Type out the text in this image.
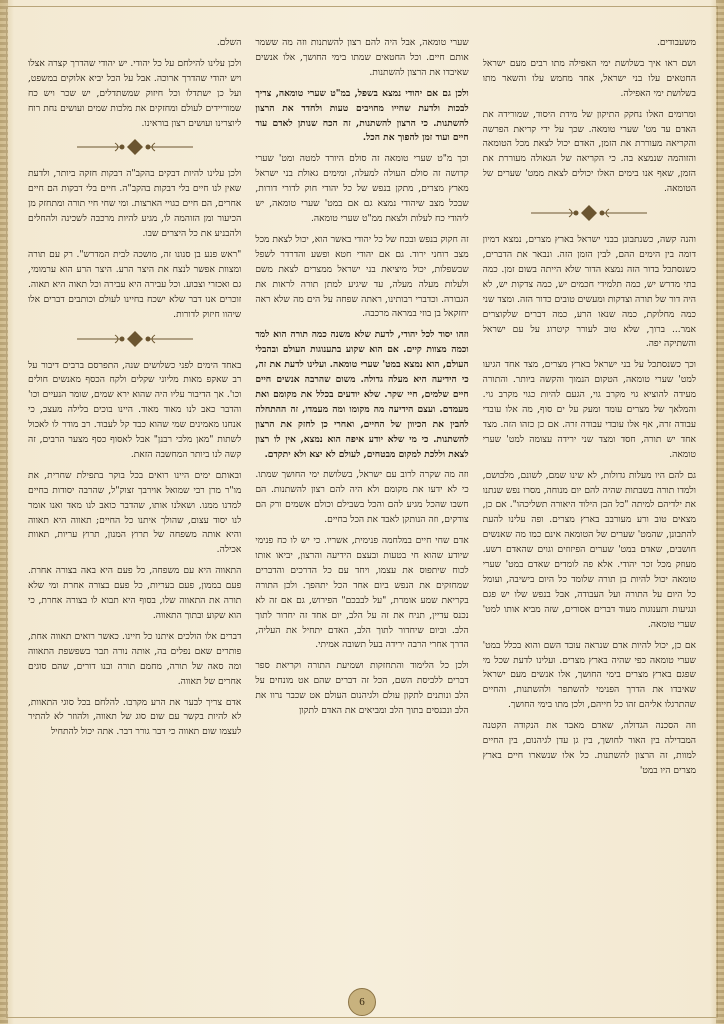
משעבודים.

ושם ראו איך בשלושת ימי האפילה מתו רבים מעם ישראל החטאים עלו בני ישראל, אחד מחמש עלו והשאר מתו בשלושת ימי האפילה.

ומרומים האלו נחקק התיקון של מידת היסוד, שמורידה את האדם עד מט' שערי טומאה. שכך על ידי קריאת הפרשה והקריאה מעוררת את הזמן, האדם יכול לצאת מכל הטומאה והזוהמה שנמצא בה. כי הקריאה של הגאולה מעוררת את הזמן, שאף אנו בימים האלו יכולים לצאת ממט' שערים של הטומאה.

והנה קשה, כשנתבונן בבני ישראל בארץ מצרים, נמצא דמיון דומה בין הימים ההם, לבין הזמן הזה. ונבאר את הדברים, כשנסתכל בדור הזה נמצא הדור שלא הייתה בשום זמן. כמה בתי מדרש יש, כמה תלמידי חכמים יש, כמה צדקות יש, לא היה דור של תורה וצדקות ומעשים טובים כדור הזה. ומצד שני כמה מחלוקת, כמה שנאו הרע, כמה דברים שלקוצרים אמר... ברוך, שלא טוב לעורר קיטרוג על עם ישראל והשתיקה יפה.

וכך כשנסתכל על בני ישראל בארץ מצרים, מצד אחד הגיעו למט' שערי טומאה, הטקום הנמוך והקשה ביותר. והתורה מעידה להוציא גוי מקרב גוי, הגעם להיות כגוי מקרב גוי. והמלאך של מצרים עומד ומעק על ים סוף, מה אלו עובדי עבודה זרה, אף אלו עובדי עבודה זרה. אם כן כזהו הזה. מצד אחד יש תורה, חסד ומצד שני ירידה עצומה למט' שערי טומאה.

גם להם היו מעלות גדולות, לא שינו שמם, לשונם, מלבושם, ולמדו תורה בשבתות שהיה להם יום מנוחה, מסרו נפש שנתנו את ילדיהם למיתה "כל הבן הילוד היאורה תשליכהו". אם כן, מצאים טוב ורע מעורבב בארץ מצרים. ופה עלינו להעת להתבונן, שהמט' שערים של הטומאה אינם כמו מה שאנשים חושבים, שאדם במט' שערים הפיזוזים וגוים שהאדם רשע. מעוזק מכל זכר יהודי. אלא פה לומדים שאדם במט' שערי טומאה יכול להיות בן תורה שלומד כל היום בישיבה, ועומל כל היום על התורה ועל העבודה, אבל בנפש שלו יש פגם ונגיעות ותענוגות מעוד דברים אסורים, שזה מביא אותו למט' שערי טומאה.

אם כן, יכול להיות אדם שנראה עובד השם והוא בכלל במט' שערי טומאה כפי שהיה בארץ מצרים. ועלינו לדעת שכל מי שפגם בארץ מצרים בימי החושך, אלו אנשים מעם ישראל שאיבדו את הדרך הפנימי להשתפר ולהשתנות, והחיים שהתרגלו אליהם זהו כל חייהם, ולכן מתו בימי החושך.

וזה הסכנה הגדולה, שאדם מאבד את הנקודה הקטנה המבדילה בין האור לחושך, בין גן עדן לגיהנום, בין החיים למוות, זה הרצון להשתנות. כל אלו שנשארו חיים בארץ מצרים היו במט'

שערי טומאה, אבל היה להם רצון להשתנות וזה מה ששמר אותם חיים. וכל החטאים שמתו בימי החושך, אלו אנשים שאיבדו את הרצון להשתנות.

ולכן גם אם יהודי נמצא בשפל, במ"ט שערי טומאה, צריך לבכות ולדעת שחייו מחויבים טעות ולחדד את הרצון להשתנות. כי הרצון להשתנות, זה הכח שנותן לאדם עוד חיים ועוד זמן להפוך את הכל.

וכך מ"ט שערי טומאה זה סולם היורד למטה ומט' שערי קדושה זה סולם העולה למעלה, ומימים גאולת בני ישראל מארץ מצרים, מתקן בנפש של כל יהודי חוק לדורי דורות, שבכל מצב שיהודי נמצא גם אם במט' שערי טומאה, יש ליהודי כח לעלות ולצאת ממ"ט שערי טומאה.

זה חקוק בנפש ובכח של כל יהודי באשר הוא, יכול לצאת מכל מצב רוחני ירוד. גם אם יהודי חטא ופשע והדרדר לשפל שבשפלות, יכול מיציאת בני ישראל ממצרים לצאת משם ולעלות מעלה מעלה, עד שיגיע למתן תורה לראות את הגבורה. וכדברי רבותינו, ראתה שפחה על הים מה שלא ראה יחזקאל בן בוזי במראה מרכבה.

וזהו יסוד לכל יהודי, לדעת שלא משנה כמה תורה הוא למד וכמה מצוות קיים. אם הוא שקוע בתענוגות העולם ובהבלי העולם, הוא נמצא במט' שערי טומאה. ועלינו לדעת את זה, כי הידיעה היא מעלה גדולה. משום שהרבה אנשים חיים חיים שלמים, חיי שקר. שלא יודעים בכלל את מקומם ואת מעמדם. ועצם הידיעה מה מקומו ומה מעמדו, זה ההתחלה להבין את הכיוון של החיים, ואחרי כן לחזק את הרצון להשתנות. כי מי שלא יודע איפה הוא נמצא, אין לו רצון לצאת וללכת למקום מבטחים, לעולם לא יצא ולא יתקדם.

וזה מה שקרה לרוב עם ישראל, בשלושת ימי החושך שמתו. כי לא ידעו את מקומם ולא היה להם רצון להשתנות. הם חשבו שהכל מגיע להם והכל בשבילם וכולם אשמים ורק הם צודקים, וזה הנותקן לאבד את הכל בחיים.

אדם שחי חיים במלחמה פנימית, אשריו. כי יש לו כח פנימי שיודע שהוא חי בטעות ובעצם הידיעה והרצון, יביאו אותו לכוח שיתפוס את עצמו, ויחד עם כל הדרכים והדברים שמחזקים את הנפש ביום אחד הכל יתהפך. ולכן התורה בקריאת שמע אומרת, "על לבבכם" הפירוש, גם אם זה לא נכנס עדיין, תניח את זה על הלב, יום אחד זה יחדור לתוך הלב. וביום שיחדור לתוך הלב, האדם יתחיל את העליה, הדרך אחרי הרבה ירידה בעל תשובה אמיתי.

ולכן כל הלימוד והתחזקות ושמיעת התורה וקריאת ספר דברים ללביסת השם, הכל זה דברים שהם אט מונחים על הלב ונותנים לתקון עולם ולגיהנום העולם אט שכבר נרוו את הלב ונכנסים בתוך הלב ומביאים את האדם לתקון

השלם.

ולכן עלינו להילחם על כל יהודי. יש יהודי שהדרך קצרה אצלו ויש יהודי שהדרך ארוכה. אבל על הכל יביא אלוקים במשפט, ועל כן ישתדלו וכל חיזוק שמשתדלים, יש שכר ויש כח שמוריידים לעולם ומחזקים את מלכות שמים ועושים נחת רוח ליוצרינו ועושים רצון בוראינו.

ולכן עלינו להיות דבקים בהקב"ה דבקות חזקה ביותר, ולדעת שאין לנו חיים בלי דבקות בהקב"ה. חיים בלי דבקות הם חיים אחרים, הם חיים כגויי הארצות. ומי שחי חיי תורה ומתחזק מן הכיעור ומן הזוהמה לו, מגיע להיות מרכבה לשכינה ולהחלים ולהבניע את כל היצרים שבו.

"ראש פנע בן סנונו זה, מושכה לבית המדרש". רק עם תורה ומצוות אפשר לנצח את היצר הרע. היצר הרע הוא ערמומי, גם ואכזרי וצבוע. וכל עבירה היא עבירה וכל תאוה היא תאוה. זוכרים אנו דבר שלא ישכח בחיינו לעולם וכותבים דברים אלו שיהוו חיזוק לדורות.

באחד הימים לפני כשלושים שנה, התפרסם ברבים דיבור על רב שאקפ מאות מליוני שקלים ולקח הכסף מאנשים חולים וכו'. אך הדיבור עליו היה שהוא ירא שמים, שומר הנעיים וכו' והדבר כאב לנו מאוד מאוד. היינו בוכים בלילה מעצב, כי אנחנו מאמינים שמי שהוא כבד קל לעבוד. רב מודר לו לאכול לשתות "מאן מלכי רבנן" אבל לאסוף כסף מצער הרבים, זה קשה לנו ביותר המחשבה הזאת.

ובאותם ימים היינו רואים בכל בוקר בתפילת שחרית, את מו"ר מרן רבי שמואל אוירבך זצוק"ל, שהרבה יסודות בחיים למדנו ממנו. ושאלנו אותו, שהדבר כואב לנו מאד ואנו אומר לנו יסוד עצום, שהולך איתנו כל החיים; תאווה היא תאווה והיא אותה משפחה של תרוץ המנון, תרוץ עריות, תאוות אכילה.

התאווה היא עם משפחה, כל פעם היא באה בצורה אחרת. פעם בממון, פעם בעריות, כל פעם בצורה אחרת ומי שלא תורה את התאווה שלו, בסוף היא תבוא לו בצורה אחרת, כי הוא שקוע ובתוך התאווה.

דברים אלו הולכים איתנו כל חיינו. כאשר רואים תאווה אחת, פותרים שאם נפלים בה, אותה נורה תבר בשפשפת התאווה ומה סאה של תורה, מחמם תורה ובנו דורים, שהם סוגים אחרים של תאווה.

אדם צריך לבער את הרע מקרבו. להלחם בכל סוגי התאוות, לא להיות בקשר עם שום סוג של תאווה, ולהוזר לא להתיר לעצמו שום תאווה כי דבר גורר דבר. אתה יכול להתחיל

6
